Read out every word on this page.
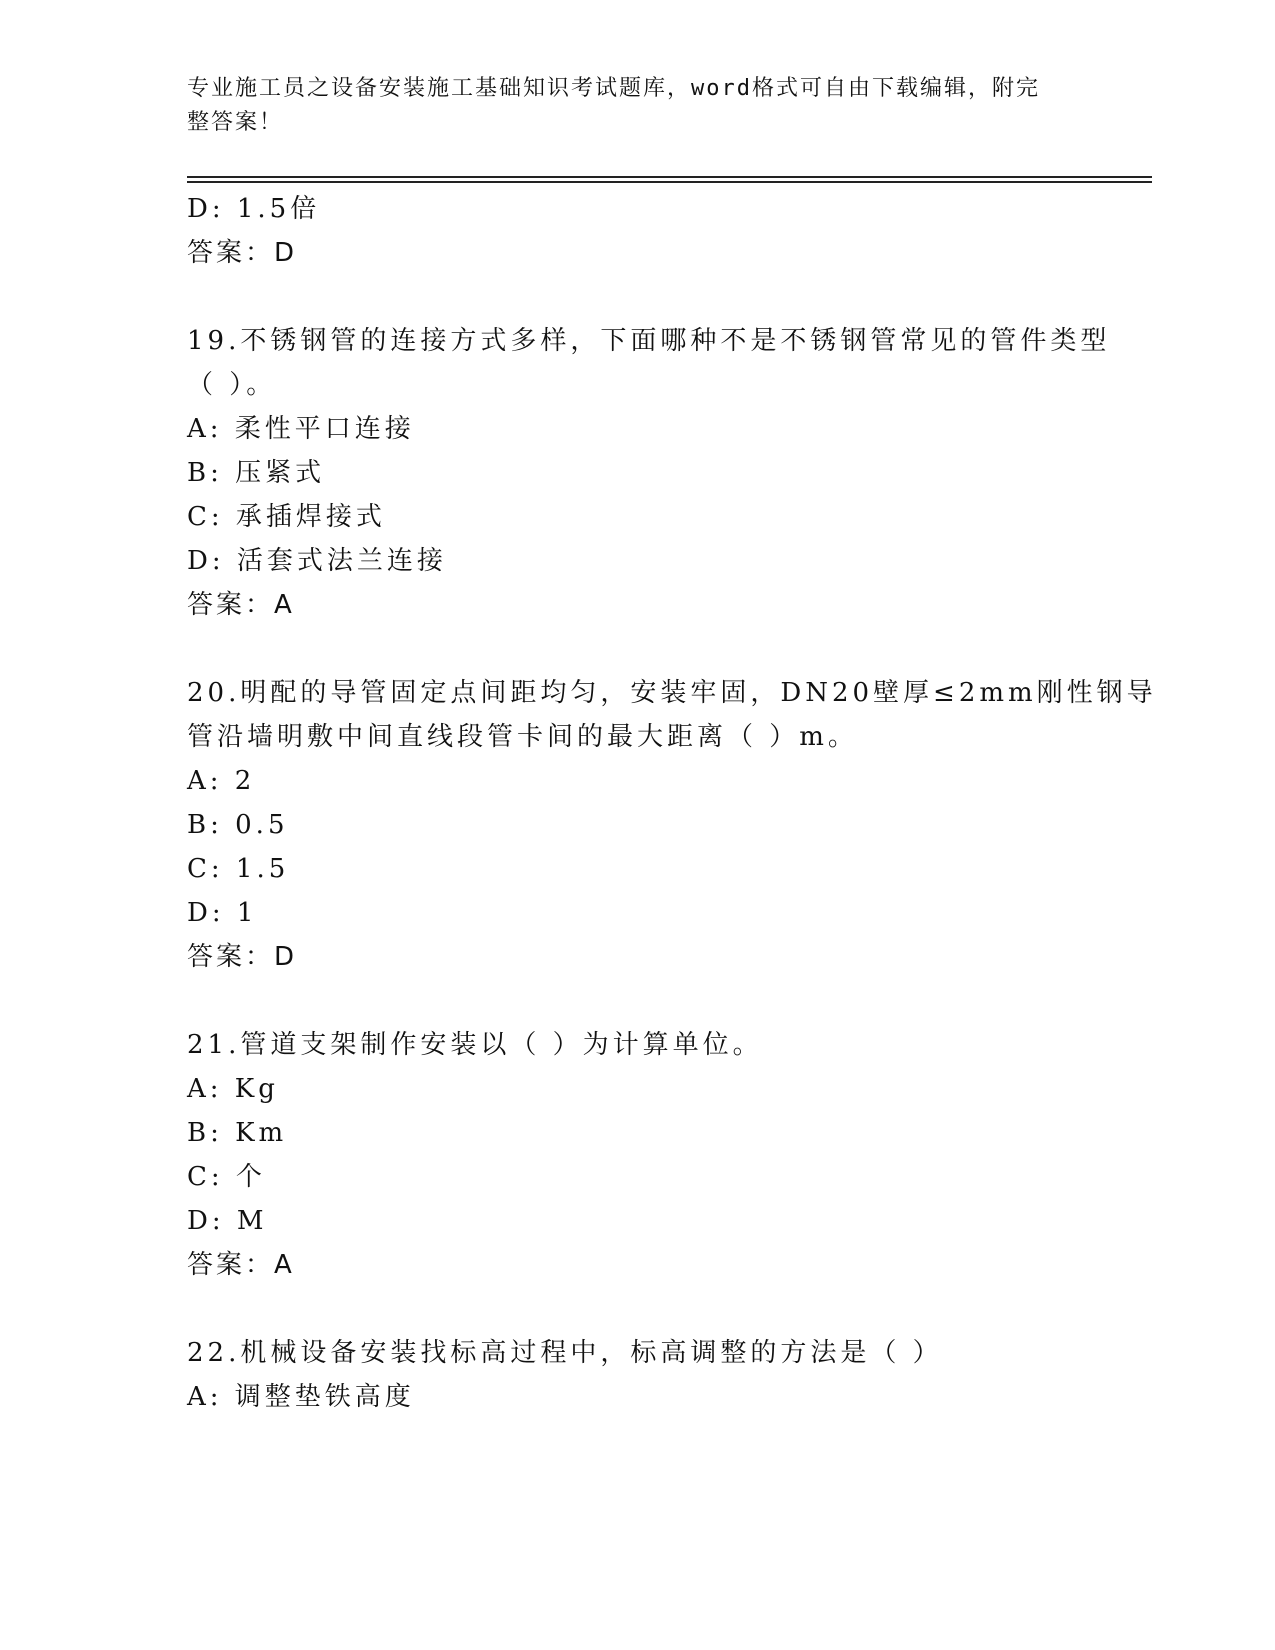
专业施工员之设备安装施工基础知识考试题库，word格式可自由下载编辑，附完
整答案！
D: 1.5倍
答案：D
19.不锈钢管的连接方式多样，下面哪种不是不锈钢管常见的管件类型
（ ）。
A: 柔性平口连接
B: 压紧式
C: 承插焊接式
D: 活套式法兰连接
答案：A
20.明配的导管固定点间距均匀，安装牢固，DN20壁厚≤2mm刚性钢导
管沿墙明敷中间直线段管卡间的最大距离（ ）m。
A: 2
B: 0.5
C: 1.5
D: 1
答案：D
21.管道支架制作安装以（ ）为计算单位。
A: Kg
B: Km
C: 个
D: M
答案：A
22.机械设备安装找标高过程中，标高调整的方法是（ ）
A: 调整垫铁高度
